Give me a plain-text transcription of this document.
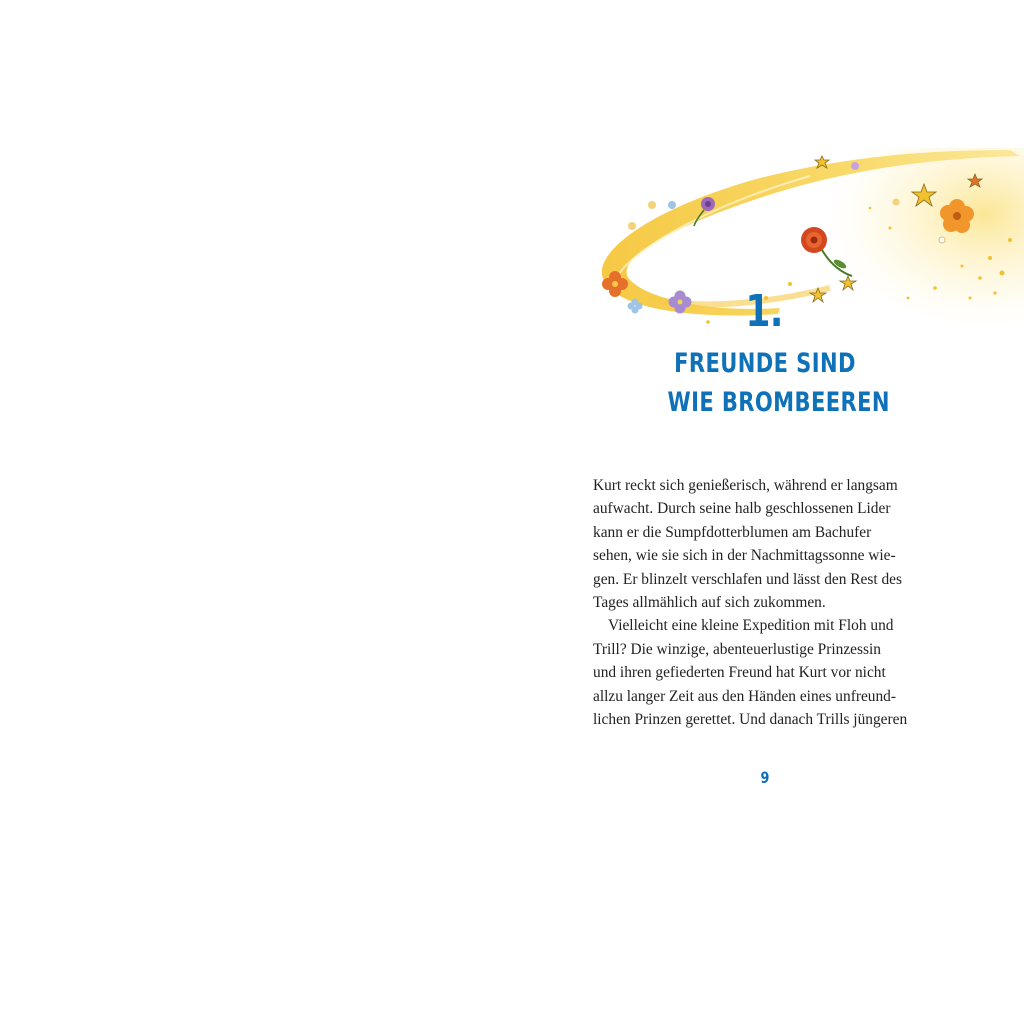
1.
FREUNDE SIND
WIE BROMBEEREN
Kurt reckt sich genießerisch, während er langsam
aufwacht. Durch seine halb geschlossenen Lider
kann er die Sumpfdotterblumen am Bachufer
sehen, wie sie sich in der Nachmittagssonne wie-
gen. Er blinzelt verschlafen und lässt den Rest des
Tages allmählich auf sich zukommen.
Vielleicht eine kleine Expedition mit Floh und
Trill? Die winzige, abenteuerlustige Prinzessin
und ihren gefiederten Freund hat Kurt vor nicht
allzu langer Zeit aus den Händen eines unfreund-
lichen Prinzen gerettet. Und danach Trills jüngeren
9
